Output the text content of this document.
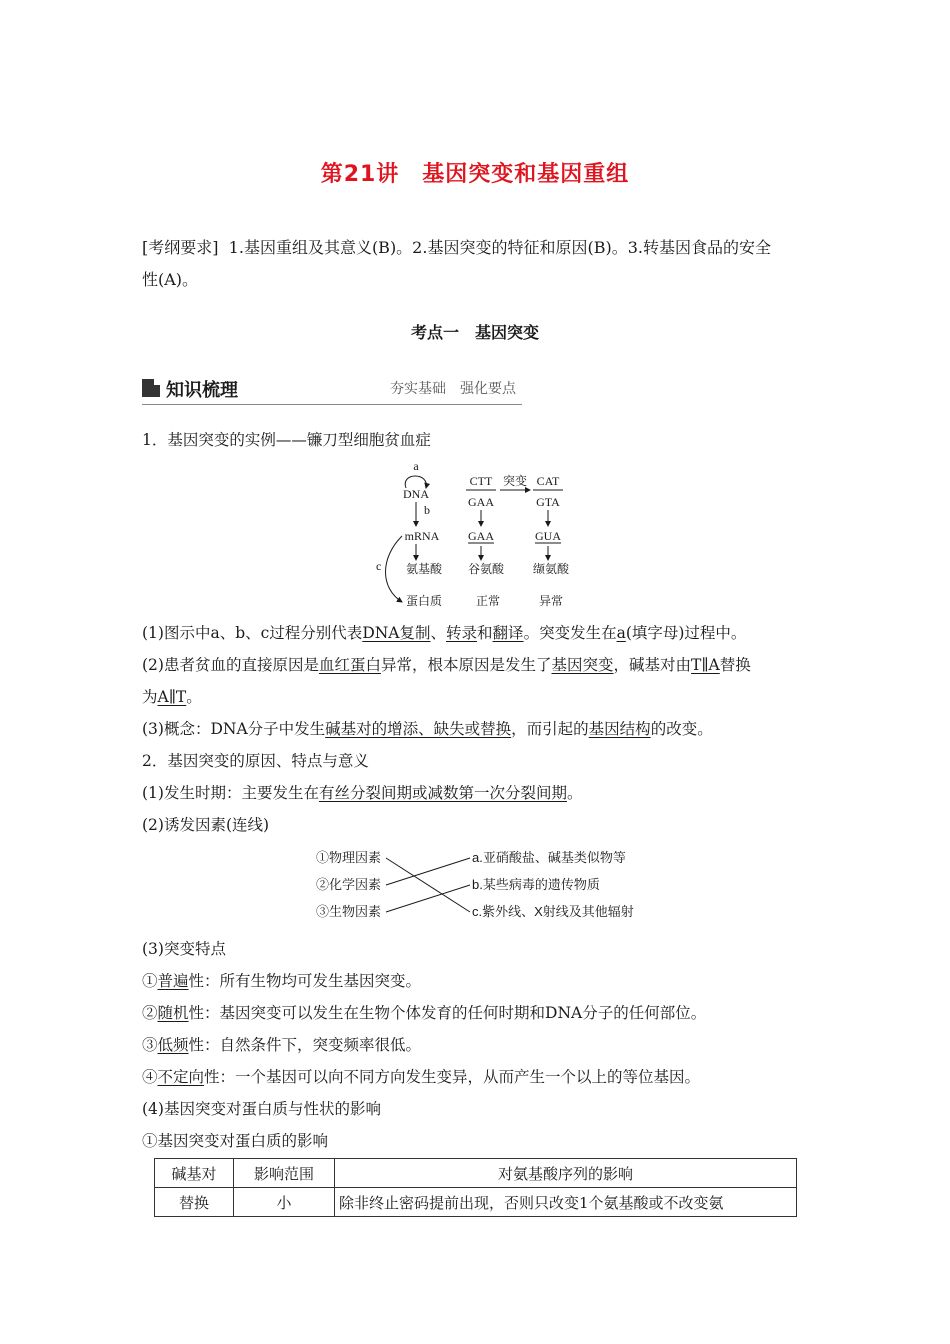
第21讲　基因突变和基因重组
[考纲要求] 1.基因重组及其意义(B)。2.基因突变的特征和原因(B)。3.转基因食品的安全
性(A)。
考点一　基因突变
知识梳理	夯实基础　强化要点
1．基因突变的实例——镰刀型细胞贫血症
a
DNA
b
mRNA
氨基酸
c
蛋白质
CTT
GAA
突变 CAT
GTA
GAA	GUA
谷氨酸 缬氨酸
正常	异常
(1)图示中a、b、c过程分别代表DNA复制、转录和翻译。突变发生在a(填字母)过程中。
(2)患者贫血的直接原因是血红蛋白异常，根本原因是发生了基因突变，碱基对由T∥A替换
为A∥T。
(3)概念：DNA分子中发生碱基对的增添、缺失或替换，而引起的基因结构的改变。
2．基因突变的原因、特点与意义
(1)发生时期：主要发生在有丝分裂间期或减数第一次分裂间期。
(2)诱发因素(连线)
①物理因素
②化学因素
③生物因素
a.亚硝酸盐、碱基类似物等
b.某些病毒的遗传物质
c.紫外线、X射线及其他辐射
(3)突变特点
①普遍性：所有生物均可发生基因突变。
②随机性：基因突变可以发生在生物个体发育的任何时期和DNA分子的任何部位。
③低频性：自然条件下，突变频率很低。
④不定向性：一个基因可以向不同方向发生变异，从而产生一个以上的等位基因。
(4)基因突变对蛋白质与性状的影响
①基因突变对蛋白质的影响
碱基对	影响范围	对氨基酸序列的影响
替换	小	除非终止密码提前出现，否则只改变1个氨基酸或不改变氨
